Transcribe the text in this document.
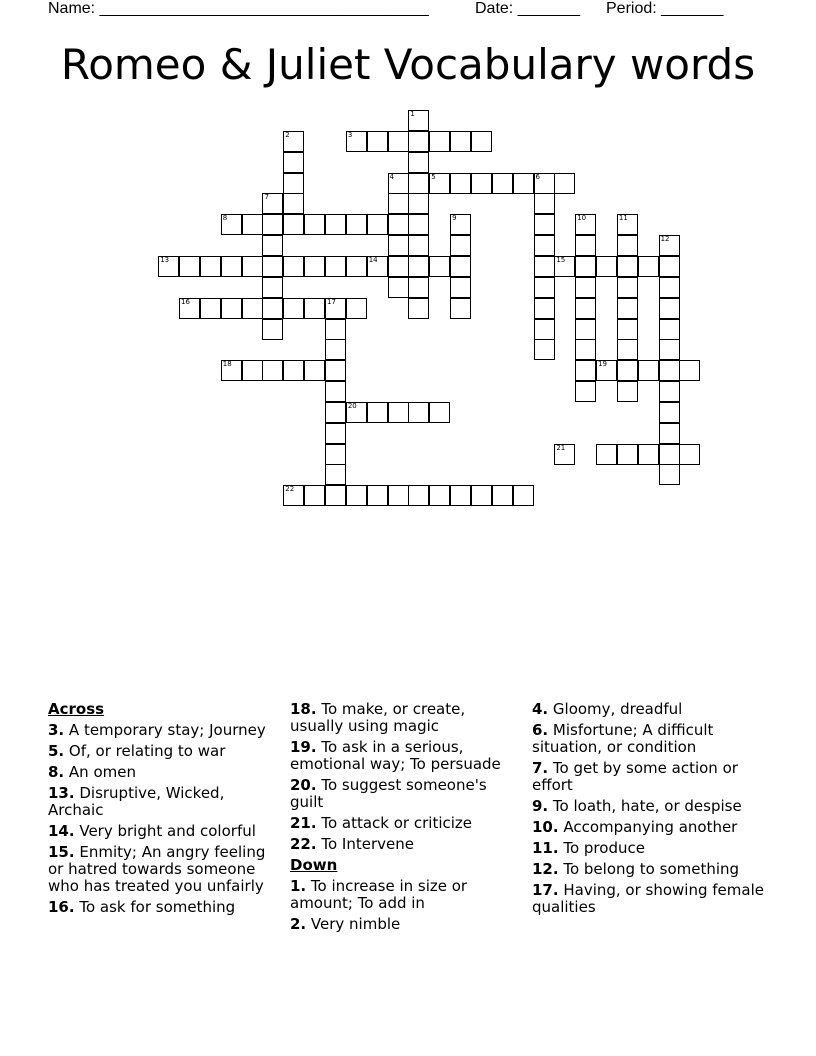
Name: _____________________________________	Date: _______ Period: _______
Romeo & Juliet Vocabulary words
1
2	3
4	5	6
7
8	9	10	11
12
13	14	15
16	17
18	19
20
21
22
Across
3. A temporary stay; Journey
5. Of, or relating to war
8. An omen
13. Disruptive, Wicked, Archaic
14. Very bright and colorful
15. Enmity; An angry feeling or hatred towards someone who has treated you unfairly
16. To ask for something
18. To make, or create, usually using magic
19. To ask in a serious, emotional way; To persuade
20. To suggest someone's guilt
21. To attack or criticize
22. To Intervene
Down
1. To increase in size or amount; To add in
2. Very nimble
4. Gloomy, dreadful
6. Misfortune; A difficult situation, or condition
7. To get by some action or effort
9. To loath, hate, or despise
10. Accompanying another
11. To produce
12. To belong to something
17. Having, or showing female qualities
